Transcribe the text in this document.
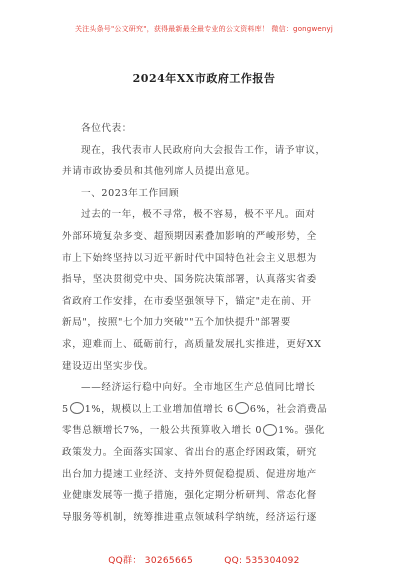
关注头条号"公文研究"，获得最新最全最专业的公文资料库！ 微信：gongwenyj
2024年XX市政府工作报告
各位代表：
现在，我代表市人民政府向大会报告工作，请予审议，
并请市政协委员和其他列席人员提出意见。
一、2023年工作回顾
过去的一年，极不寻常，极不容易，极不平凡。面对
外部环境复杂多变、超预期因素叠加影响的严峻形势，全
市上下始终坚持以习近平新时代中国特色社会主义思想为
指导，坚决贯彻党中央、国务院决策部署，认真落实省委
省政府工作安排，在市委坚强领导下，锚定"走在前、开
新局"，按照"七个加力突破""五个加快提升"部署要
求，迎难而上、砥砺前行，高质量发展扎实推进，更好XX
建设迈出坚实步伐。
——经济运行稳中向好。全市地区生产总值同比增长
5 1%，规模以上工业增加值增长 6 6%，社会消费品
零售总额增长7%，一般公共预算收入增长 0 1%。强化
政策发力。全面落实国家、省出台的惠企纾困政策，研究
出台加力提速工业经济、支持外贸促稳提质、促进房地产
业健康发展等一揽子措施，强化定期分析研判、常态化督
导服务等机制，统筹推进重点领域科学纳统，经济运行逐
QQ群： 30265665	QQ: 535304092
